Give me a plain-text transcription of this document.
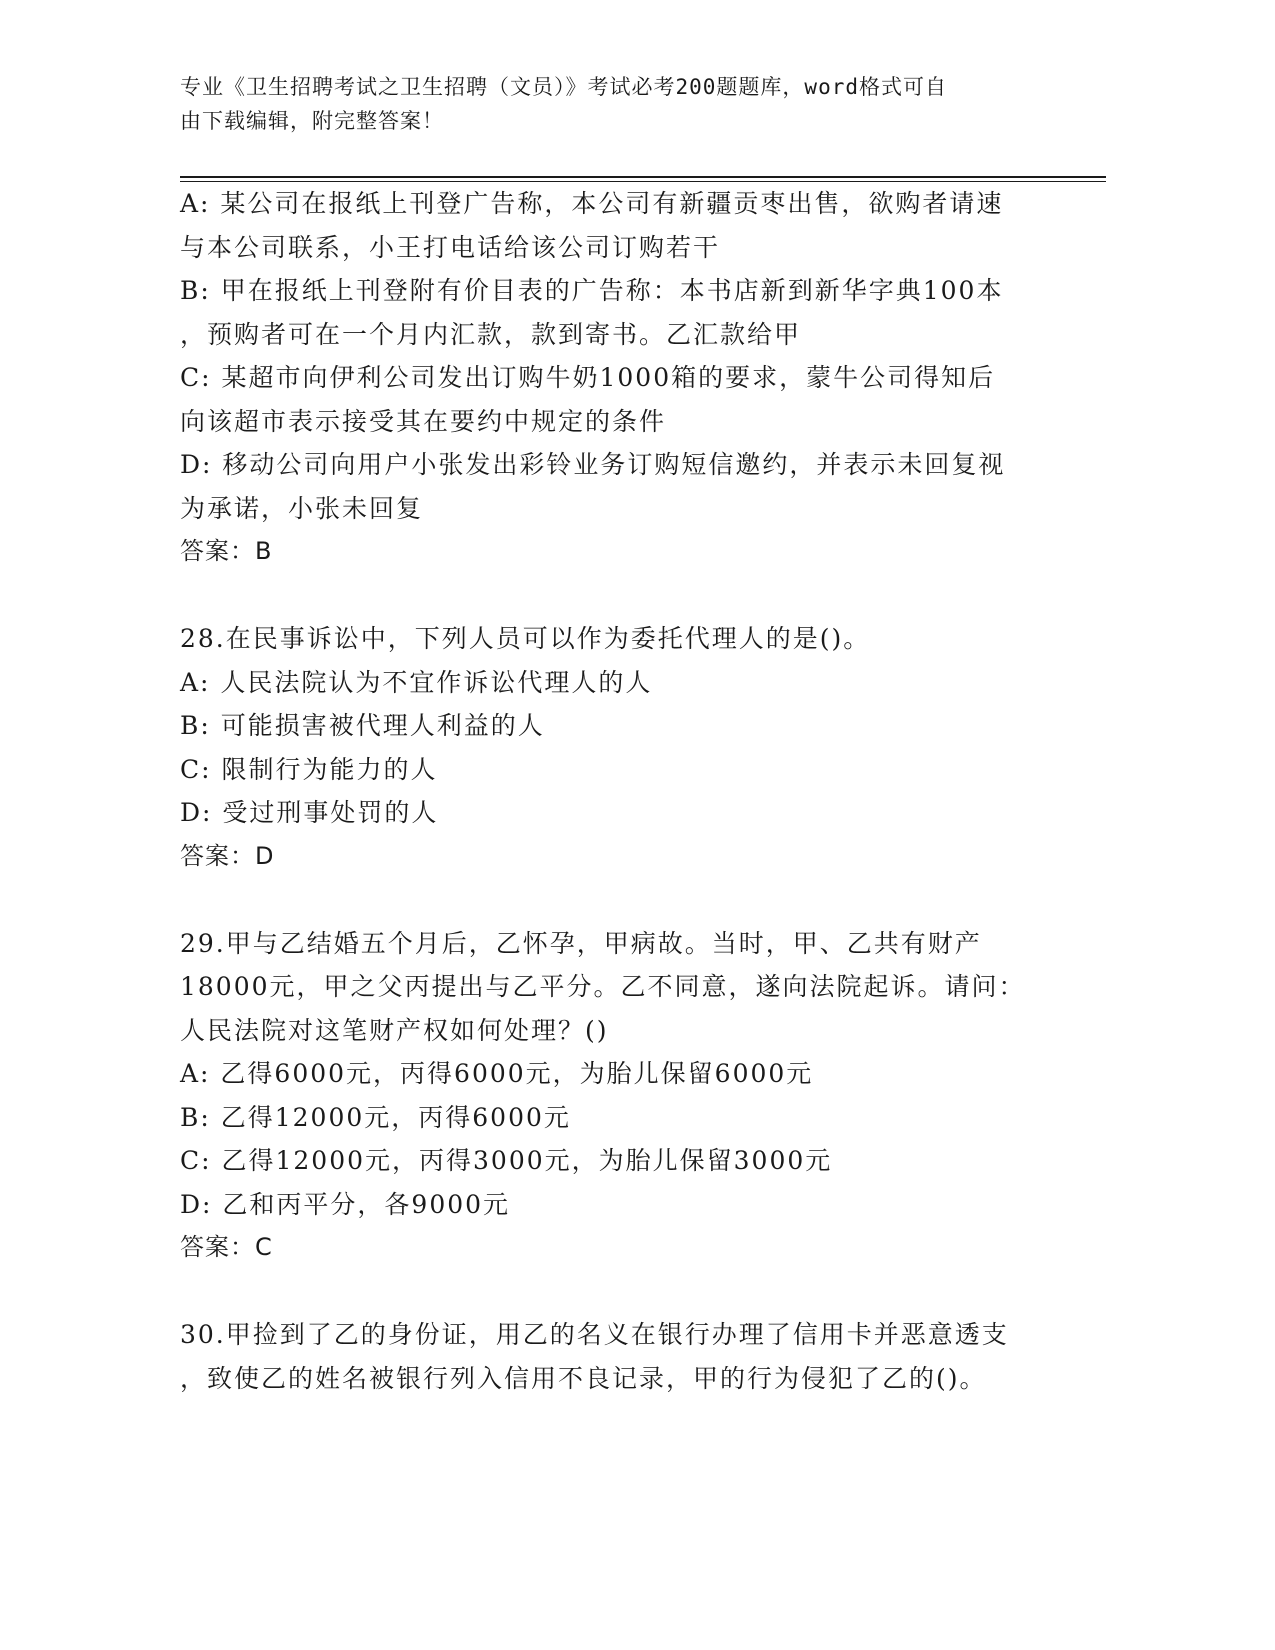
专业《卫生招聘考试之卫生招聘（文员）》考试必考200题题库，word格式可自
由下载编辑，附完整答案！
A: 某公司在报纸上刊登广告称，本公司有新疆贡枣出售，欲购者请速
与本公司联系，小王打电话给该公司订购若干
B: 甲在报纸上刊登附有价目表的广告称：本书店新到新华字典100本
，预购者可在一个月内汇款，款到寄书。乙汇款给甲
C: 某超市向伊利公司发出订购牛奶1000箱的要求，蒙牛公司得知后
向该超市表示接受其在要约中规定的条件
D: 移动公司向用户小张发出彩铃业务订购短信邀约，并表示未回复视
为承诺，小张未回复
答案：B
28.在民事诉讼中，下列人员可以作为委托代理人的是()。
A: 人民法院认为不宜作诉讼代理人的人
B: 可能损害被代理人利益的人
C: 限制行为能力的人
D: 受过刑事处罚的人
答案：D
29.甲与乙结婚五个月后，乙怀孕，甲病故。当时，甲、乙共有财产
18000元，甲之父丙提出与乙平分。乙不同意，遂向法院起诉。请问：
人民法院对这笔财产权如何处理？()
A: 乙得6000元，丙得6000元，为胎儿保留6000元
B: 乙得12000元，丙得6000元
C: 乙得12000元，丙得3000元，为胎儿保留3000元
D: 乙和丙平分，各9000元
答案：C
30.甲捡到了乙的身份证，用乙的名义在银行办理了信用卡并恶意透支
，致使乙的姓名被银行列入信用不良记录，甲的行为侵犯了乙的()。
